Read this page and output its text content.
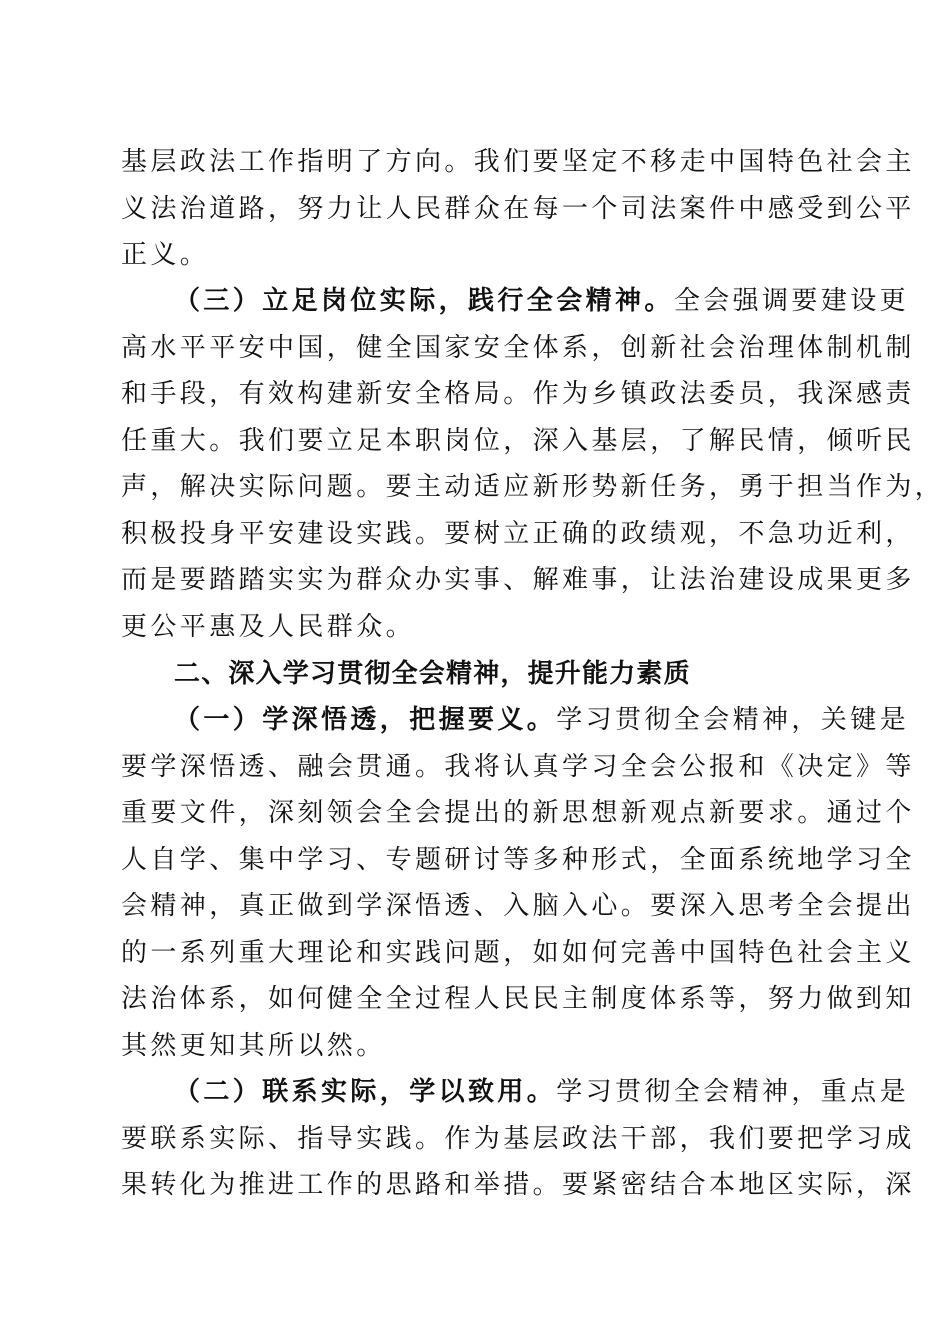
基层政法工作指明了方向。我们要坚定不移走中国特色社会主
义法治道路，努力让人民群众在每一个司法案件中感受到公平
正义。
（三）立足岗位实际，践行全会精神。全会强调要建设更
高水平平安中国，健全国家安全体系，创新社会治理体制机制
和手段，有效构建新安全格局。作为乡镇政法委员，我深感责
任重大。我们要立足本职岗位，深入基层，了解民情，倾听民
声，解决实际问题。要主动适应新形势新任务，勇于担当作为，
积极投身平安建设实践。要树立正确的政绩观，不急功近利，
而是要踏踏实实为群众办实事、解难事，让法治建设成果更多
更公平惠及人民群众。
二、深入学习贯彻全会精神，提升能力素质
（一）学深悟透，把握要义。学习贯彻全会精神，关键是
要学深悟透、融会贯通。我将认真学习全会公报和《决定》等
重要文件，深刻领会全会提出的新思想新观点新要求。通过个
人自学、集中学习、专题研讨等多种形式，全面系统地学习全
会精神，真正做到学深悟透、入脑入心。要深入思考全会提出
的一系列重大理论和实践问题，如如何完善中国特色社会主义
法治体系，如何健全全过程人民民主制度体系等，努力做到知
其然更知其所以然。
（二）联系实际，学以致用。学习贯彻全会精神，重点是
要联系实际、指导实践。作为基层政法干部，我们要把学习成
果转化为推进工作的思路和举措。要紧密结合本地区实际，深
